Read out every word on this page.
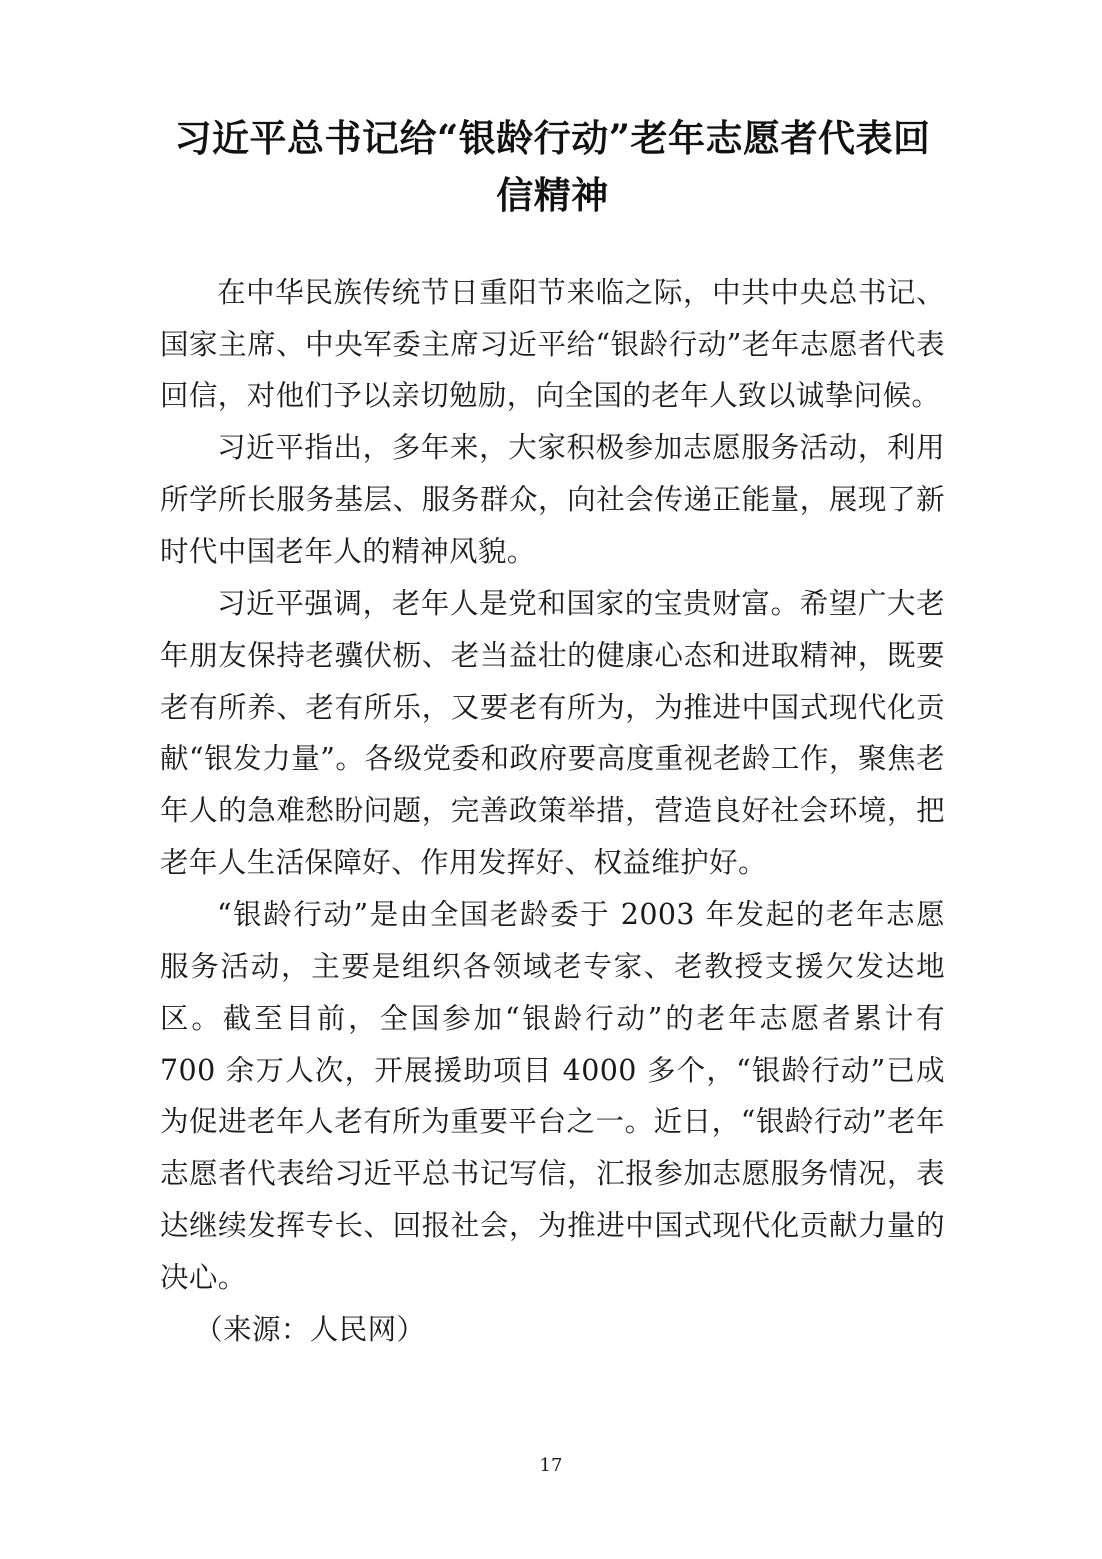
习近平总书记给“银龄行动”老年志愿者代表回信精神

在中华民族传统节日重阳节来临之际，中共中央总书记、国家主席、中央军委主席习近平给“银龄行动”老年志愿者代表回信，对他们予以亲切勉励，向全国的老年人致以诚挚问候。

习近平指出，多年来，大家积极参加志愿服务活动，利用所学所长服务基层、服务群众，向社会传递正能量，展现了新时代中国老年人的精神风貌。

习近平强调，老年人是党和国家的宝贵财富。希望广大老年朋友保持老骥伏枥、老当益壮的健康心态和进取精神，既要老有所养、老有所乐，又要老有所为，为推进中国式现代化贡献“银发力量”。各级党委和政府要高度重视老龄工作，聚焦老年人的急难愁盼问题，完善政策举措，营造良好社会环境，把老年人生活保障好、作用发挥好、权益维护好。

“银龄行动”是由全国老龄委于 2003 年发起的老年志愿服务活动，主要是组织各领域老专家、老教授支援欠发达地区。截至目前，全国参加“银龄行动”的老年志愿者累计有 700 余万人次，开展援助项目 4000 多个，“银龄行动”已成为促进老年人老有所为重要平台之一。近日，“银龄行动”老年志愿者代表给习近平总书记写信，汇报参加志愿服务情况，表达继续发挥专长、回报社会，为推进中国式现代化贡献力量的决心。

（来源：人民网）

17
